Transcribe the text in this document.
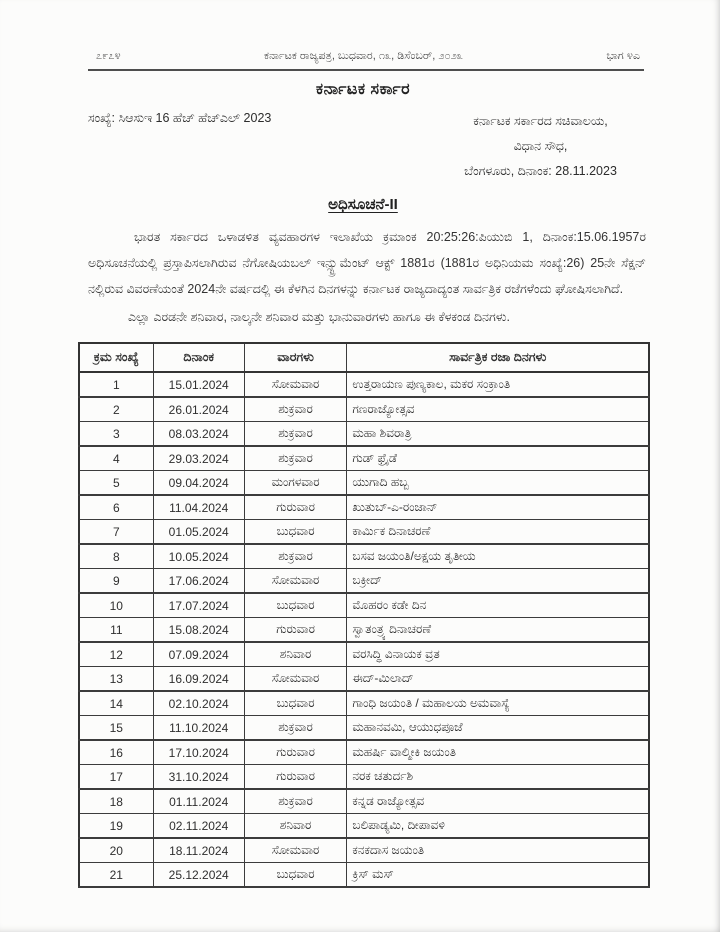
೭೯೭೪	ಕರ್ನಾಟಕ ರಾಜ್ಯಪತ್ರ, ಬುಧವಾರ, ೧೩, ಡಿಸೆಂಬರ್, ೨೦೨೩	ಭಾಗ ೪ಎ
ಕರ್ನಾಟಕ ಸರ್ಕಾರ
ಸಂಖ್ಯೆ: ಸಿಆಸುಇ 16 ಹೆಚ್ ಹೆಚ್ಎಲ್ 2023	ಕರ್ನಾಟಕ ಸರ್ಕಾರದ ಸಚಿವಾಲಯ,
ವಿಧಾನ ಸೌಧ,
ಬೆಂಗಳೂರು, ದಿನಾಂಕ: 28.11.2023
ಅಧಿಸೂಚನೆ-II

ಭಾರತ ಸರ್ಕಾರದ ಒಳಾಡಳಿತ ವ್ಯವಹಾರಗಳ ಇಲಾಖೆಯ ಕ್ರಮಾಂಕ 20:25:26:ಪಿಯುಬಿ 1, ದಿನಾಂಕ:15.06.1957ರ ಅಧಿಸೂಚನೆಯಲ್ಲಿ ಪ್ರಸ್ತಾಪಿಸಲಾಗಿರುವ ನೆಗೋಷಿಯಬಲ್ ಇನ್ಸ್ಟ್ರುಮೆಂಟ್ ಆಕ್ಟ್ 1881ರ (1881ರ ಅಧಿನಿಯಮ ಸಂಖ್ಯೆ:26) 25ನೇ ಸೆಕ್ಷನ್ ನಲ್ಲಿರುವ ವಿವರಣೆಯಂತೆ 2024ನೇ ವರ್ಷದಲ್ಲಿ ಈ ಕೆಳಗಿನ ದಿನಗಳನ್ನು ಕರ್ನಾಟಕ ರಾಜ್ಯದಾದ್ಯಂತ ಸಾರ್ವತ್ರಿಕ ರಜೆಗಳೆಂದು ಘೋಷಿಸಲಾಗಿದೆ.

ಎಲ್ಲಾ ಎರಡನೇ ಶನಿವಾರ, ನಾಲ್ಕನೇ ಶನಿವಾರ ಮತ್ತು ಭಾನುವಾರಗಳು ಹಾಗೂ ಈ ಕೆಳಕಂಡ ದಿನಗಳು.

ಕ್ರಮ ಸಂಖ್ಯೆ	ದಿನಾಂಕ	ವಾರಗಳು	ಸಾರ್ವತ್ರಿಕ ರಜಾ ದಿನಗಳು
1	15.01.2024	ಸೋಮವಾರ	ಉತ್ತರಾಯಣ ಪುಣ್ಯಕಾಲ, ಮಕರ ಸಂಕ್ರಾಂತಿ
2	26.01.2024	ಶುಕ್ರವಾರ	ಗಣರಾಜ್ಯೋತ್ಸವ
3	08.03.2024	ಶುಕ್ರವಾರ	ಮಹಾ ಶಿವರಾತ್ರಿ
4	29.03.2024	ಶುಕ್ರವಾರ	ಗುಡ್ ಫ್ರೈಡೆ
5	09.04.2024	ಮಂಗಳವಾರ	ಯುಗಾದಿ ಹಬ್ಬ
6	11.04.2024	ಗುರುವಾರ	ಖುತುಬ್-ಎ-ರಂಜಾನ್
7	01.05.2024	ಬುಧವಾರ	ಕಾರ್ಮಿಕ ದಿನಾಚರಣೆ
8	10.05.2024	ಶುಕ್ರವಾರ	ಬಸವ ಜಯಂತಿ/ಅಕ್ಷಯ ತೃತೀಯ
9	17.06.2024	ಸೋಮವಾರ	ಬಕ್ರೀದ್
10	17.07.2024	ಬುಧವಾರ	ಮೊಹರಂ ಕಡೇ ದಿನ
11	15.08.2024	ಗುರುವಾರ	ಸ್ವಾತಂತ್ರ್ಯ ದಿನಾಚರಣೆ
12	07.09.2024	ಶನಿವಾರ	ವರಸಿದ್ಧಿ ವಿನಾಯಕ ವ್ರತ
13	16.09.2024	ಸೋಮವಾರ	ಈದ್-ಮಿಲಾದ್
14	02.10.2024	ಬುಧವಾರ	ಗಾಂಧಿ ಜಯಂತಿ / ಮಹಾಲಯ ಅಮವಾಸ್ಯೆ
15	11.10.2024	ಶುಕ್ರವಾರ	ಮಹಾನವಮಿ, ಆಯುಧಪೂಜೆ
16	17.10.2024	ಗುರುವಾರ	ಮಹರ್ಷಿ ವಾಲ್ಮೀಕಿ ಜಯಂತಿ
17	31.10.2024	ಗುರುವಾರ	ನರಕ ಚತುರ್ದಶಿ
18	01.11.2024	ಶುಕ್ರವಾರ	ಕನ್ನಡ ರಾಜ್ಯೋತ್ಸವ
19	02.11.2024	ಶನಿವಾರ	ಬಲಿಪಾಡ್ಯಮಿ, ದೀಪಾವಳಿ
20	18.11.2024	ಸೋಮವಾರ	ಕನಕದಾಸ ಜಯಂತಿ
21	25.12.2024	ಬುಧವಾರ	ಕ್ರಿಸ್ ಮಸ್
